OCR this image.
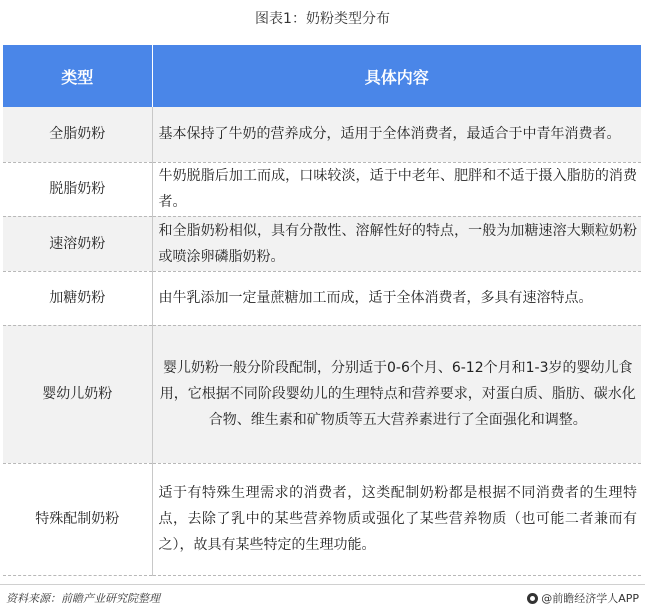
图表1：奶粉类型分布
类型	具体内容
全脂奶粉	基本保持了牛奶的营养成分，适用于全体消费者，最适合于中青年消费者。
脱脂奶粉	牛奶脱脂后加工而成，口味较淡，适于中老年、肥胖和不适于摄入脂肪的消费者。
速溶奶粉	和全脂奶粉相似，具有分散性、溶解性好的特点，一般为加糖速溶大颗粒奶粉或喷涂卵磷脂奶粉。
加糖奶粉	由牛乳添加一定量蔗糖加工而成，适于全体消费者，多具有速溶特点。
婴幼儿奶粉	婴儿奶粉一般分阶段配制，分别适于0-6个月、6-12个月和1-3岁的婴幼儿食用，它根据不同阶段婴幼儿的生理特点和营养要求，对蛋白质、脂肪、碳水化合物、维生素和矿物质等五大营养素进行了全面强化和调整。
特殊配制奶粉	适于有特殊生理需求的消费者，这类配制奶粉都是根据不同消费者的生理特点，去除了乳中的某些营养物质或强化了某些营养物质（也可能二者兼而有之），故具有某些特定的生理功能。
资料来源：前瞻产业研究院整理	@前瞻经济学人APP
